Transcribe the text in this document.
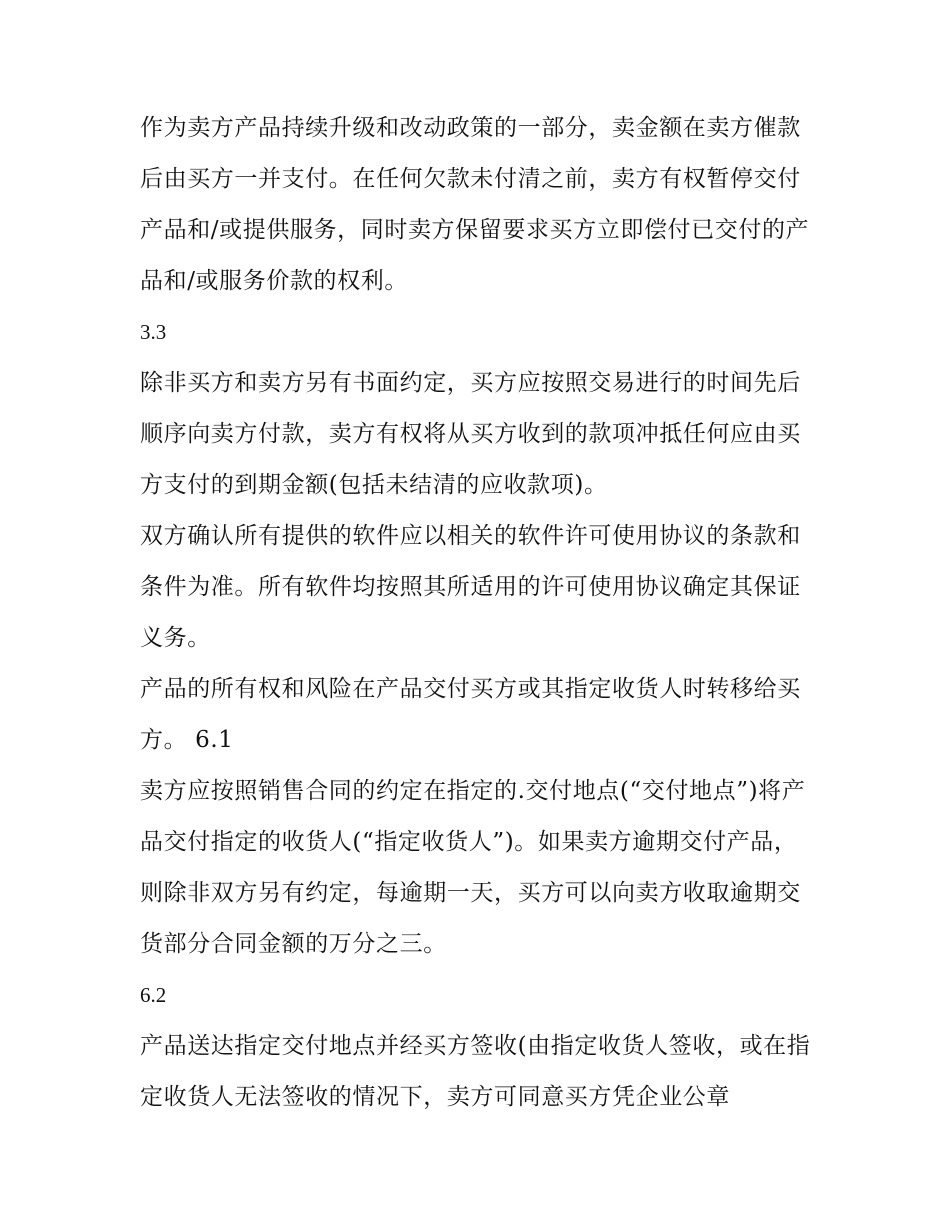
作为卖方产品持续升级和改动政策的一部分，卖金额在卖方催款后由买方一并支付。在任何欠款未付清之前，卖方有权暂停交付产品和/或提供服务，同时卖方保留要求买方立即偿付已交付的产品和/或服务价款的权利。

3.3

除非买方和卖方另有书面约定，买方应按照交易进行的时间先后顺序向卖方付款，卖方有权将从买方收到的款项冲抵任何应由买方支付的到期金额(包括未结清的应收款项)。

双方确认所有提供的软件应以相关的软件许可使用协议的条款和条件为准。所有软件均按照其所适用的许可使用协议确定其保证义务。

产品的所有权和风险在产品交付买方或其指定收货人时转移给买方。 6.1

卖方应按照销售合同的约定在指定的.交付地点(“交付地点”)将产品交付指定的收货人(“指定收货人”)。如果卖方逾期交付产品，则除非双方另有约定，每逾期一天，买方可以向卖方收取逾期交货部分合同金额的万分之三。

6.2

产品送达指定交付地点并经买方签收(由指定收货人签收，或在指定收货人无法签收的情况下，卖方可同意买方凭企业公章
